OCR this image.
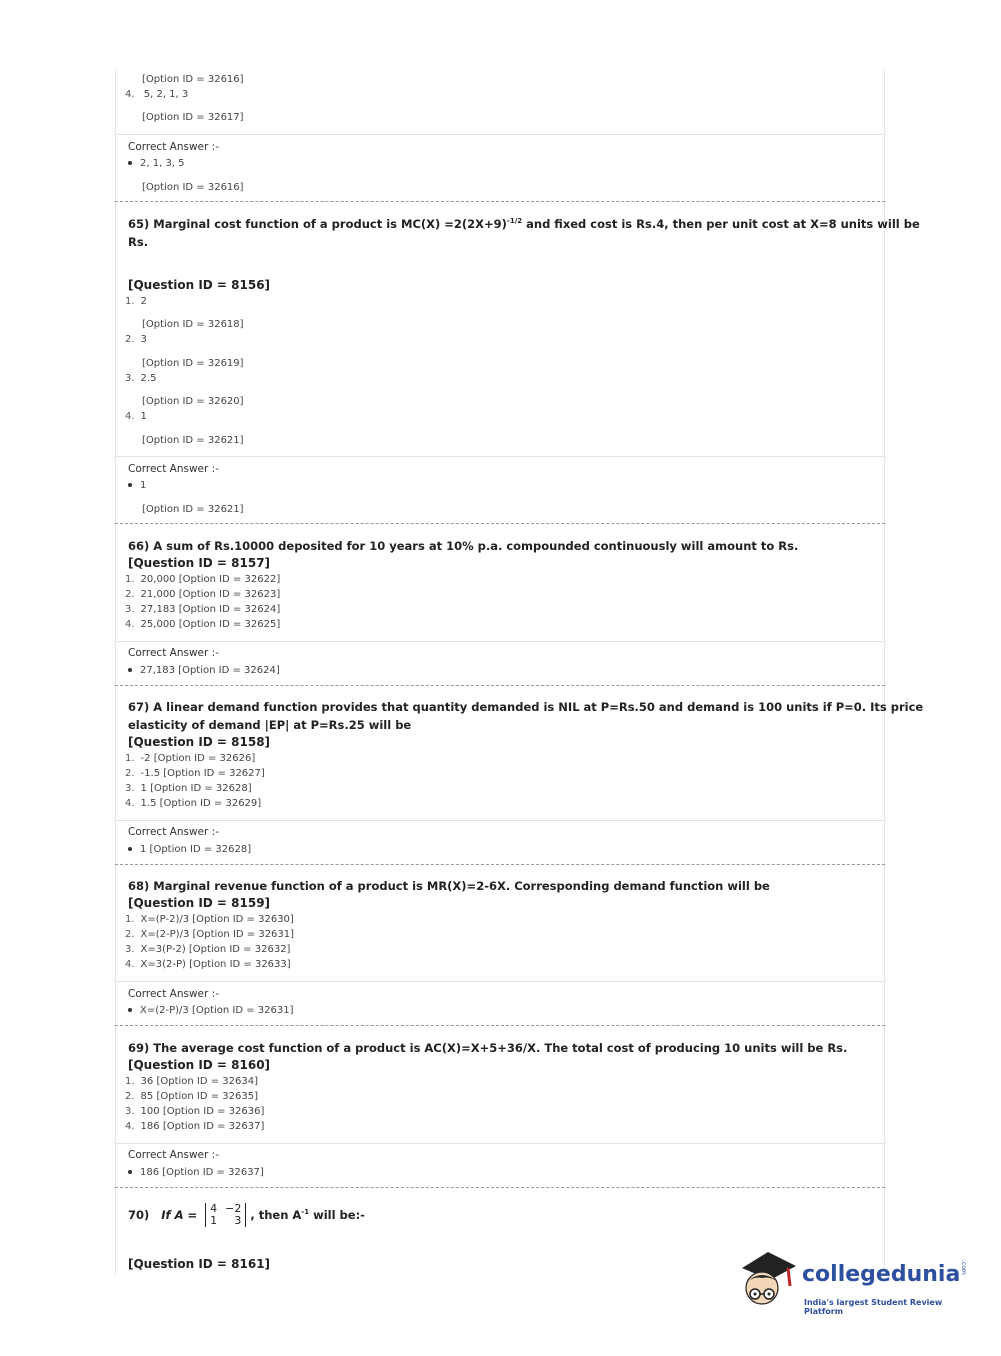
[Option ID = 32616]
4. 5, 2, 1, 3
[Option ID = 32617]
Correct Answer :-
2, 1, 3, 5
[Option ID = 32616]
65) Marginal cost function of a product is $MC(X) =2(2X+9)^{-1/2}$ and fixed cost is Rs.4, then per unit cost at X=8 units will be
Rs.
[Question ID = 8156]
1. 2
[Option ID = 32618]
2. 3
[Option ID = 32619]
3. 2.5
[Option ID = 32620]
4. 1
[Option ID = 32621]
Correct Answer :-
1
[Option ID = 32621]
66) A sum of Rs.10000 deposited for 10 years at 10% p.a. compounded continuously will amount to Rs.
[Question ID = 8157]
1. 20,000 [Option ID = 32622]
2. 21,000 [Option ID = 32623]
3. 27,183 [Option ID = 32624]
4. 25,000 [Option ID = 32625]
Correct Answer :-
27,183 [Option ID = 32624]
67) A linear demand function provides that quantity demanded is NIL at P=Rs.50 and demand is 100 units if P=0. Its price
elasticity of demand |EP| at P=Rs.25 will be
[Question ID = 8158]
1. -2 [Option ID = 32626]
2. -1.5 [Option ID = 32627]
3. 1 [Option ID = 32628]
4. 1.5 [Option ID = 32629]
Correct Answer :-
1 [Option ID = 32628]
68) Marginal revenue function of a product is MR(X)=2-6X. Corresponding demand function will be
[Question ID = 8159]
1. X=(P-2)/3 [Option ID = 32630]
2. X=(2-P)/3 [Option ID = 32631]
3. X=3(P-2) [Option ID = 32632]
4. X=3(2-P) [Option ID = 32633]
Correct Answer :-
X=(2-P)/3 [Option ID = 32631]
69) The average cost function of a product is AC(X)=X+5+36/X. The total cost of producing 10 units will be Rs.
[Question ID = 8160]
1. 36 [Option ID = 32634]
2. 85 [Option ID = 32635]
3. 100 [Option ID = 32636]
4. 186 [Option ID = 32637]
Correct Answer :-
186 [Option ID = 32637]
70) If A = 4	−2
1	3 , then $A^{-1}$ will be:-
[Question ID = 8161]	collegedunia .com
India's largest Student Review Platform
